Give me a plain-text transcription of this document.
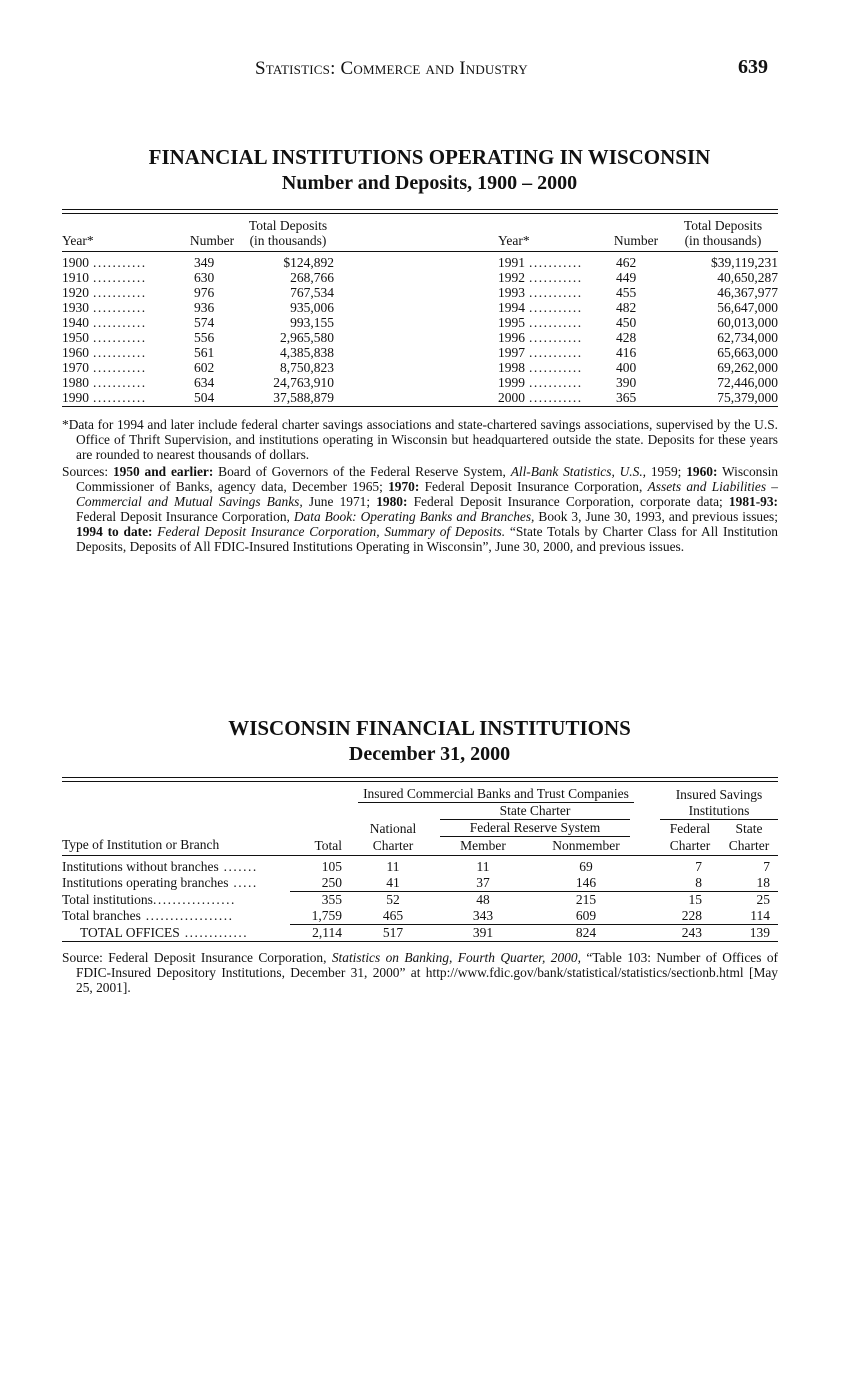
Statistics: Commerce and Industry	639
FINANCIAL INSTITUTIONS OPERATING IN WISCONSIN
Number and Deposits, 1900 – 2000
		Total Deposits				Total Deposits
Year*	Number	(in thousands)		Year*	Number	(in thousands)
1900 ...........	349	$124,892		1991 ...........	462	$39,119,231
1910 ...........	630	268,766		1992 ...........	449	40,650,287
1920 ...........	976	767,534		1993 ...........	455	46,367,977
1930 ...........	936	935,006		1994 ...........	482	56,647,000
1940 ...........	574	993,155		1995 ...........	450	60,013,000
1950 ...........	556	2,965,580		1996 ...........	428	62,734,000
1960 ...........	561	4,385,838		1997 ...........	416	65,663,000
1970 ...........	602	8,750,823		1998 ...........	400	69,262,000
1980 ...........	634	24,763,910		1999 ...........	390	72,446,000
1990 ...........	504	37,588,879		2000 ...........	365	75,379,000

*Data for 1994 and later include federal charter savings associations and state-chartered savings associations, supervised by the U.S. Office of Thrift Supervision, and institutions operating in Wisconsin but headquartered outside the state. Deposits for these years are rounded to nearest thousands of dollars.

Sources: 1950 and earlier: Board of Governors of the Federal Reserve System, All-Bank Statistics, U.S., 1959; 1960: Wisconsin Commissioner of Banks, agency data, December 1965; 1970: Federal Deposit Insurance Corporation, Assets and Liabilities – Commercial and Mutual Savings Banks, June 1971; 1980: Federal Deposit Insurance Corporation, corporate data; 1981-93: Federal Deposit Insurance Corporation, Data Book: Operating Banks and Branches, Book 3, June 30, 1993, and previous issues; 1994 to date: Federal Deposit Insurance Corporation, Summary of Deposits. “State Totals by Charter Class for All Institution Deposits, Deposits of All FDIC-Insured Institutions Operating in Wisconsin”, June 30, 2000, and previous issues.

WISCONSIN FINANCIAL INSTITUTIONS
December 31, 2000

		Insured Commercial Banks and Trust Companies				Insured Savings	

			State Charter			Institutions	

		National	Federal Reserve System			Federal	State
Type of Institution or Branch	Total	Charter	Member	Nonmember		Charter	Charter
Institutions without branches .......	105	11	11	69		7	7
Institutions operating branches .....	250	41	37	146		8	18
Total institutions.................	355	52	48	215		15	25
Total branches ..................	1,759	465	343	609		228	114
TOTAL OFFICES .............	2,114	517	391	824		243	139

Source: Federal Deposit Insurance Corporation, Statistics on Banking, Fourth Quarter, 2000, “Table 103: Number of Offices of FDIC-Insured Depository Institutions, December 31, 2000” at http://www.fdic.gov/bank/statistical/statistics/sectionb.html [May 25, 2001].
